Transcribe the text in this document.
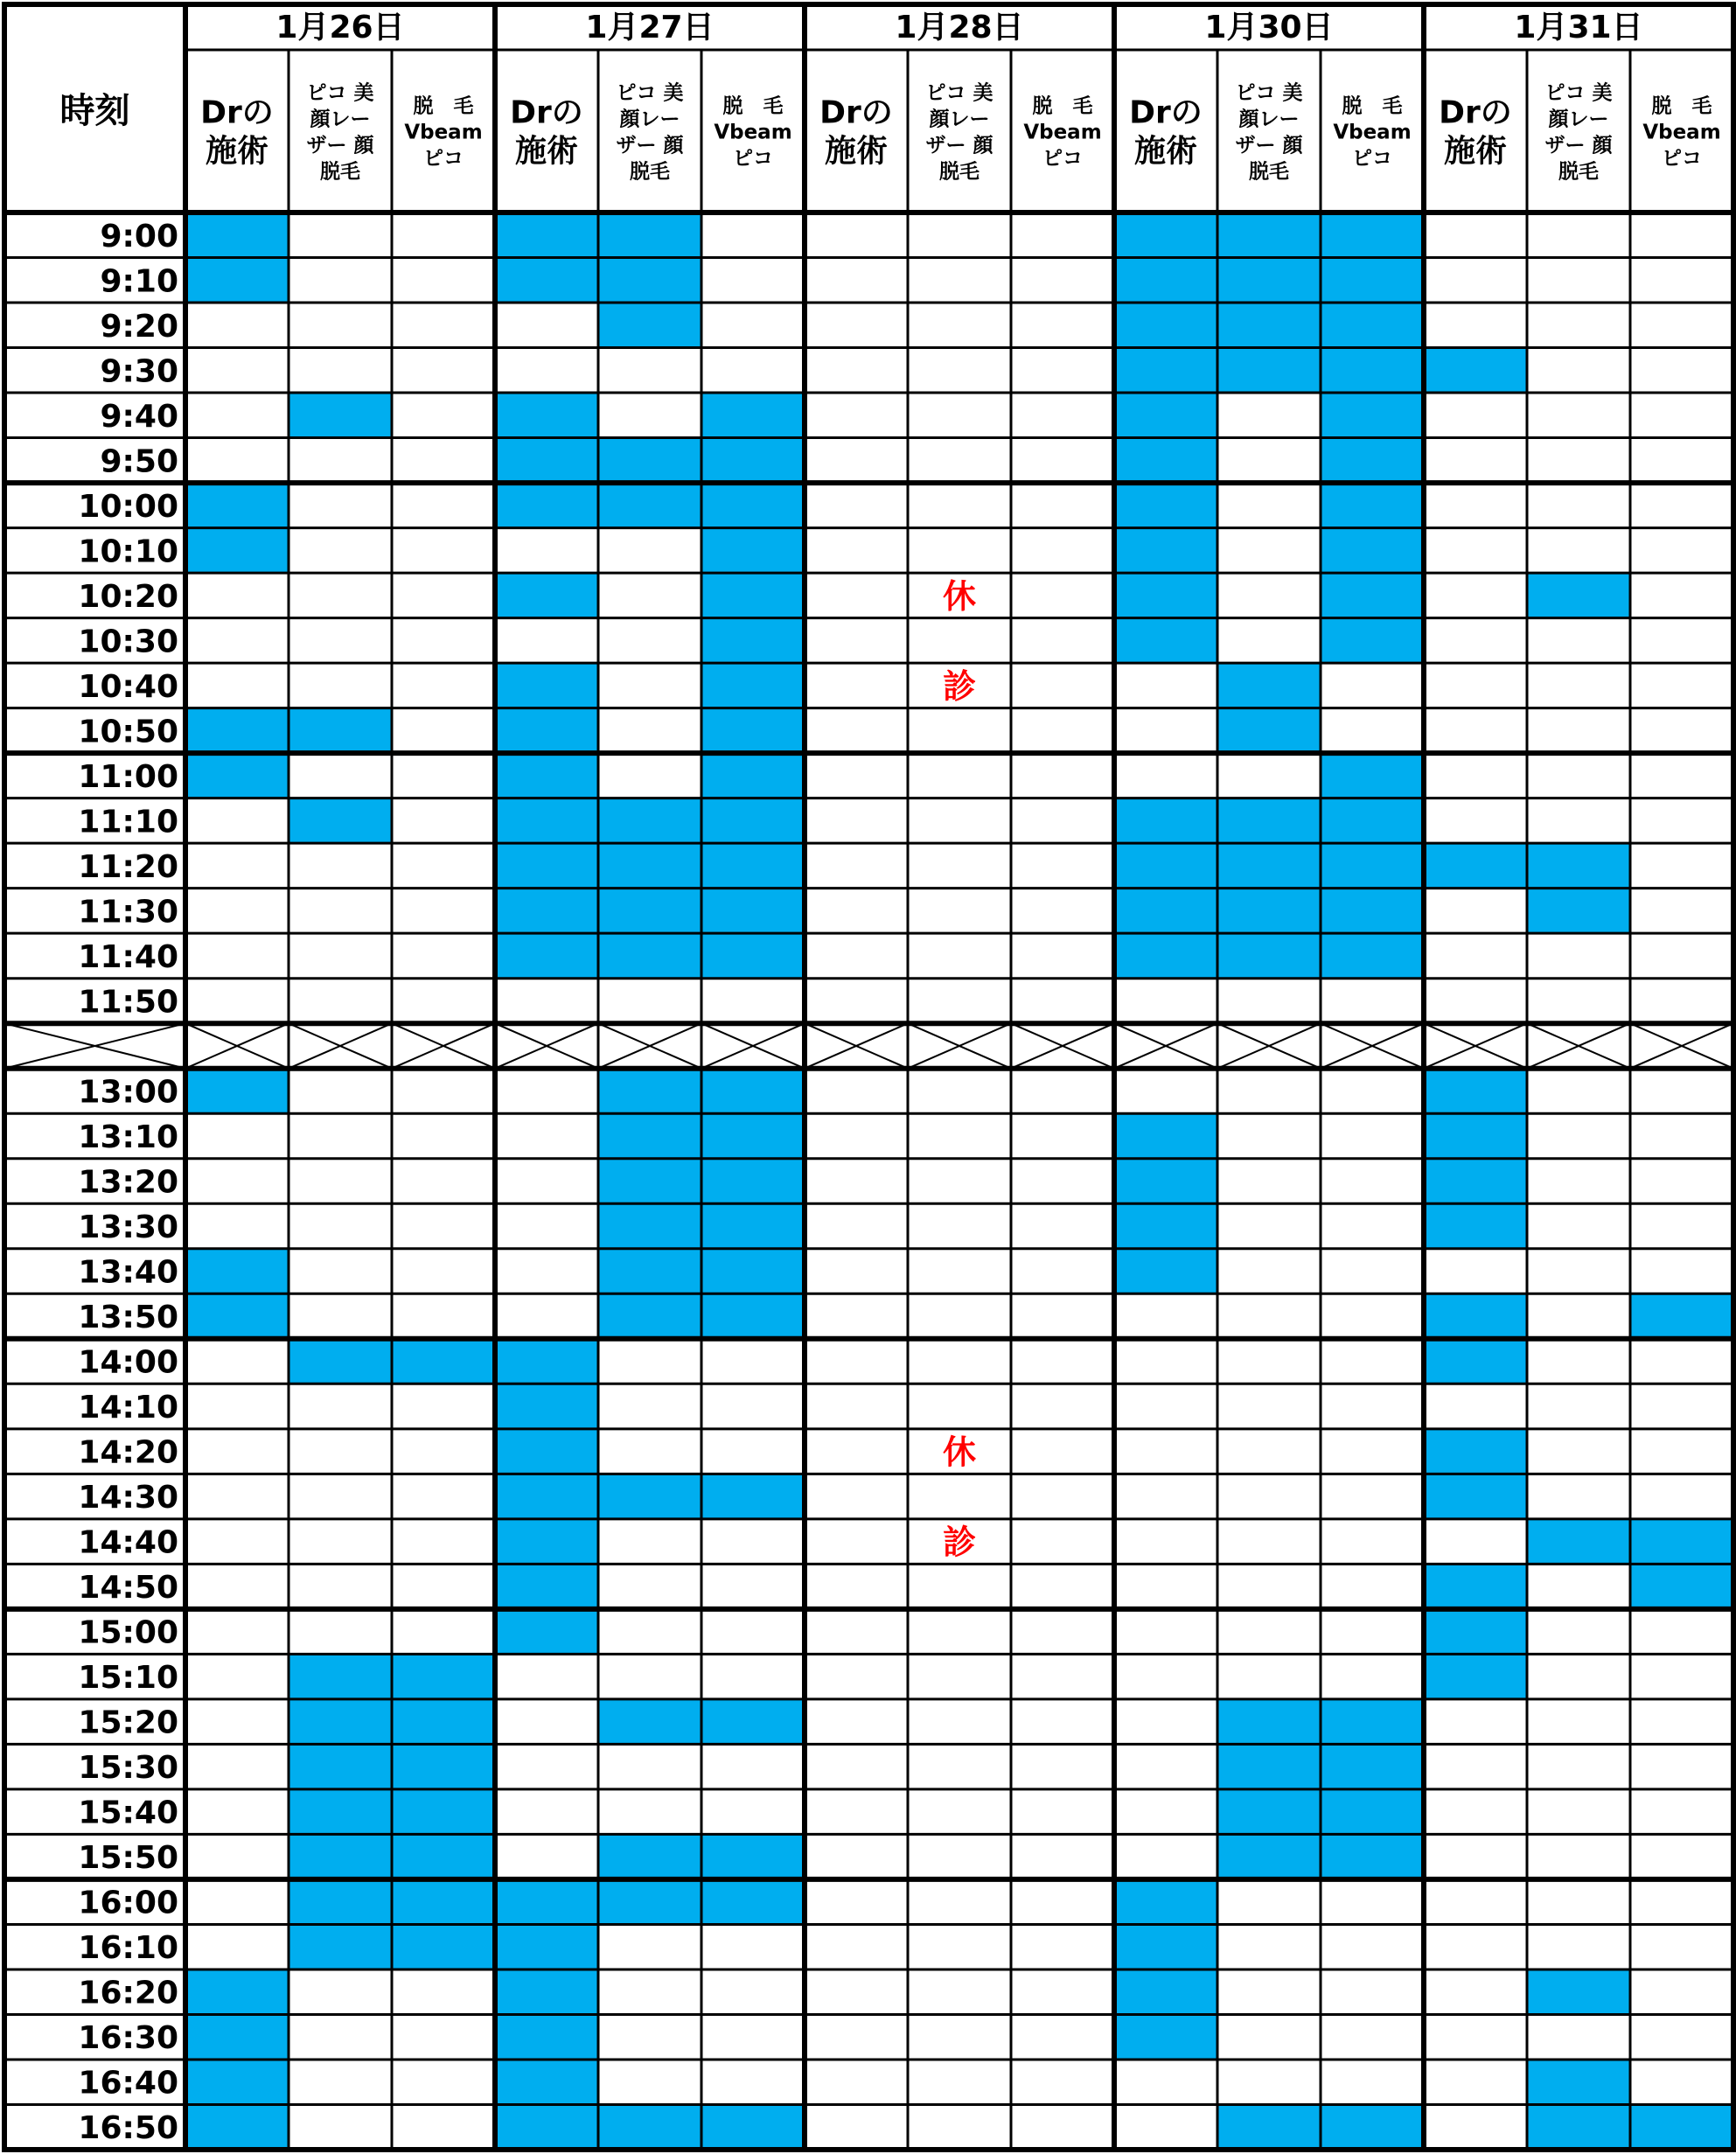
時刻
1月26日
Drの
施術
ピコ 美
顔レー
ザー 顔
脱毛
脱　毛
Vbeam
ピコ
1月27日
Drの
施術
ピコ 美
顔レー
ザー 顔
脱毛
脱　毛
Vbeam
ピコ
1月28日
Drの
施術
ピコ 美
顔レー
ザー 顔
脱毛
脱　毛
Vbeam
ピコ
1月30日
Drの
施術
ピコ 美
顔レー
ザー 顔
脱毛
脱　毛
Vbeam
ピコ
1月31日
Drの
施術
ピコ 美
顔レー
ザー 顔
脱毛
脱　毛
Vbeam
ピコ
9:00
9:10
9:20
9:30
9:40
9:50
10:00
10:10
10:20
10:30
10:40
10:50
11:00
11:10
11:20
11:30
11:40
11:50
13:00
13:10
13:20
13:30
13:40
13:50
14:00
14:10
14:20
14:30
14:40
14:50
15:00
15:10
15:20
15:30
15:40
15:50
16:00
16:10
16:20
16:30
16:40
16:50
休
診
休
診
